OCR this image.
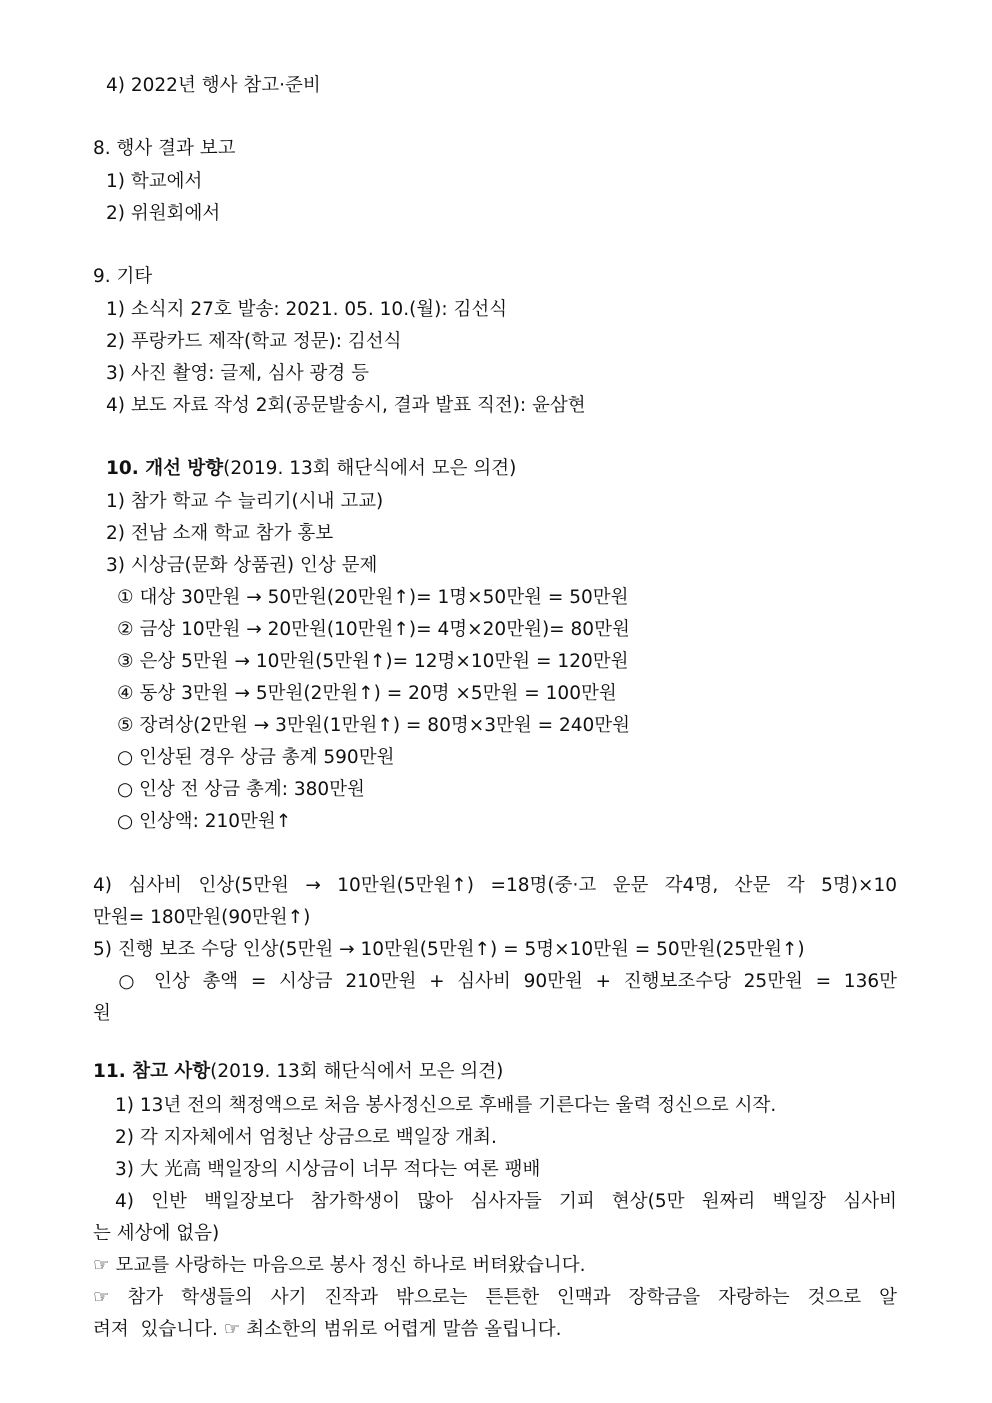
4) 2022년 행사 참고·준비
8. 행사 결과 보고
1) 학교에서
2) 위원회에서
9. 기타
1) 소식지 27호 발송: 2021. 05. 10.(월): 김선식
2) 푸랑카드 제작(학교 정문): 김선식
3) 사진 촬영: 글제, 심사 광경 등
4) 보도 자료 작성 2회(공문발송시, 결과 발표 직전): 윤삼현
10. 개선 방향(2019. 13회 해단식에서 모은 의견)
1) 참가 학교 수 늘리기(시내 고교)
2) 전남 소재 학교 참가 홍보
3) 시상금(문화 상품권) 인상 문제
① 대상 30만원 → 50만원(20만원↑)= 1명×50만원 = 50만원
② 금상 10만원 → 20만원(10만원↑)= 4명×20만원)= 80만원
③ 은상 5만원 → 10만원(5만원↑)= 12명×10만원 = 120만원
④ 동상 3만원 → 5만원(2만원↑) = 20명 ×5만원 = 100만원
⑤ 장려상(2만원 → 3만원(1만원↑) = 80명×3만원 = 240만원
○ 인상된 경우 상금 총계 590만원
○ 인상 전 상금 총계: 380만원
○ 인상액: 210만원↑
4) 심사비 인상(5만원 → 10만원(5만원↑) =18명(중·고 운문 각4명, 산문 각 5명)×10
만원= 180만원(90만원↑)
5) 진행 보조 수당 인상(5만원 → 10만원(5만원↑) = 5명×10만원 = 50만원(25만원↑)
○ 인상 총액 = 시상금 210만원 + 심사비 90만원 + 진행보조수당 25만원 = 136만
원
11. 참고 사항(2019. 13회 해단식에서 모은 의견)
1) 13년 전의 책정액으로 처음 봉사정신으로 후배를 기른다는 울력 정신으로 시작.
2) 각 지자체에서 엄청난 상금으로 백일장 개최.
3) 大 光高 백일장의 시상금이 너무 적다는 여론 팽배
4) 인반 백일장보다 참가학생이 많아 심사자들 기피 현상(5만 원짜리 백일장 심사비
는 세상에 없음)
☞ 모교를 사랑하는 마음으로 봉사 정신 하나로 버텨왔습니다.
☞ 참가 학생들의 사기 진작과 밖으로는 튼튼한 인맥과 장학금을 자랑하는 것으로 알
려져  있습니다. ☞ 최소한의 범위로 어렵게 말씀 올립니다.
